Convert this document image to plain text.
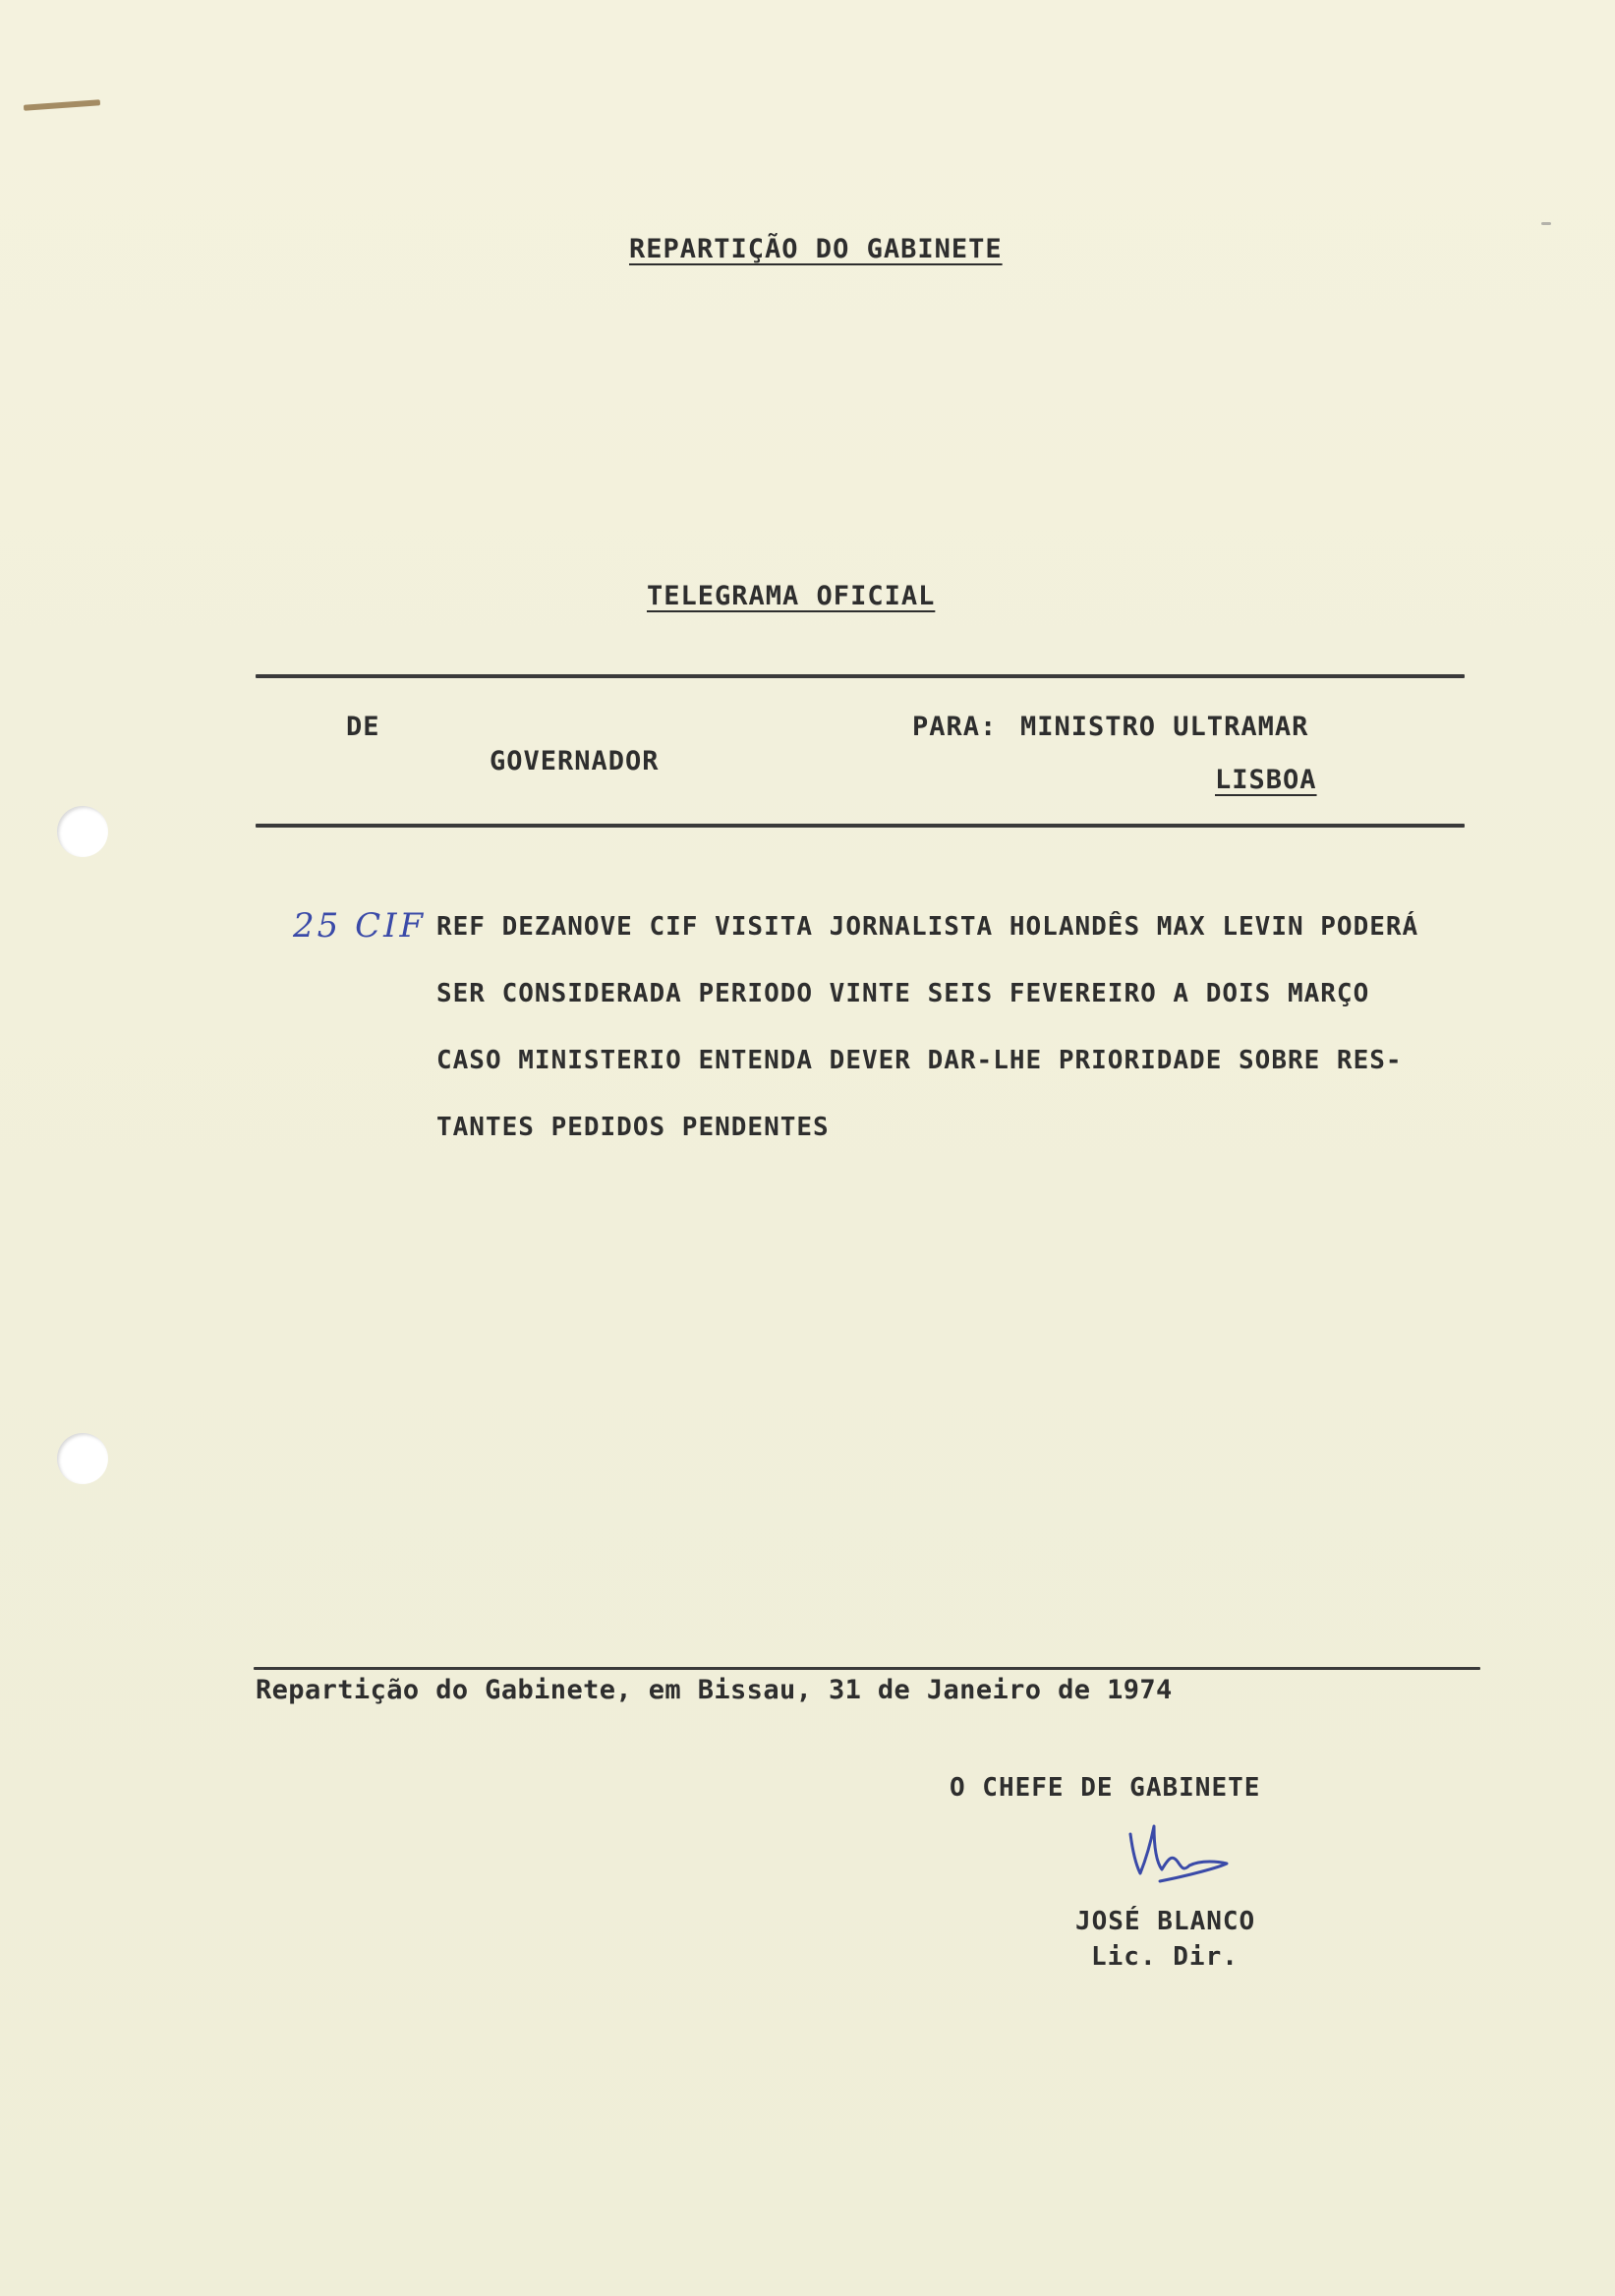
REPARTIÇÃO DO GABINETE
TELEGRAMA OFICIAL
DE
GOVERNADOR
PARA: MINISTRO ULTRAMAR
LISBOA
25 CIF REF DEZANOVE CIF VISITA JORNALISTA HOLANDÊS MAX LEVIN PODERÁ
SER CONSIDERADA PERIODO VINTE SEIS FEVEREIRO A DOIS MARÇO
CASO MINISTERIO ENTENDA DEVER DAR-LHE PRIORIDADE SOBRE RES-
TANTES PEDIDOS PENDENTES
Repartição do Gabinete, em Bissau, 31 de Janeiro de 1974
O CHEFE DE GABINETE
JOSÉ BLANCO
Lic. Dir.
